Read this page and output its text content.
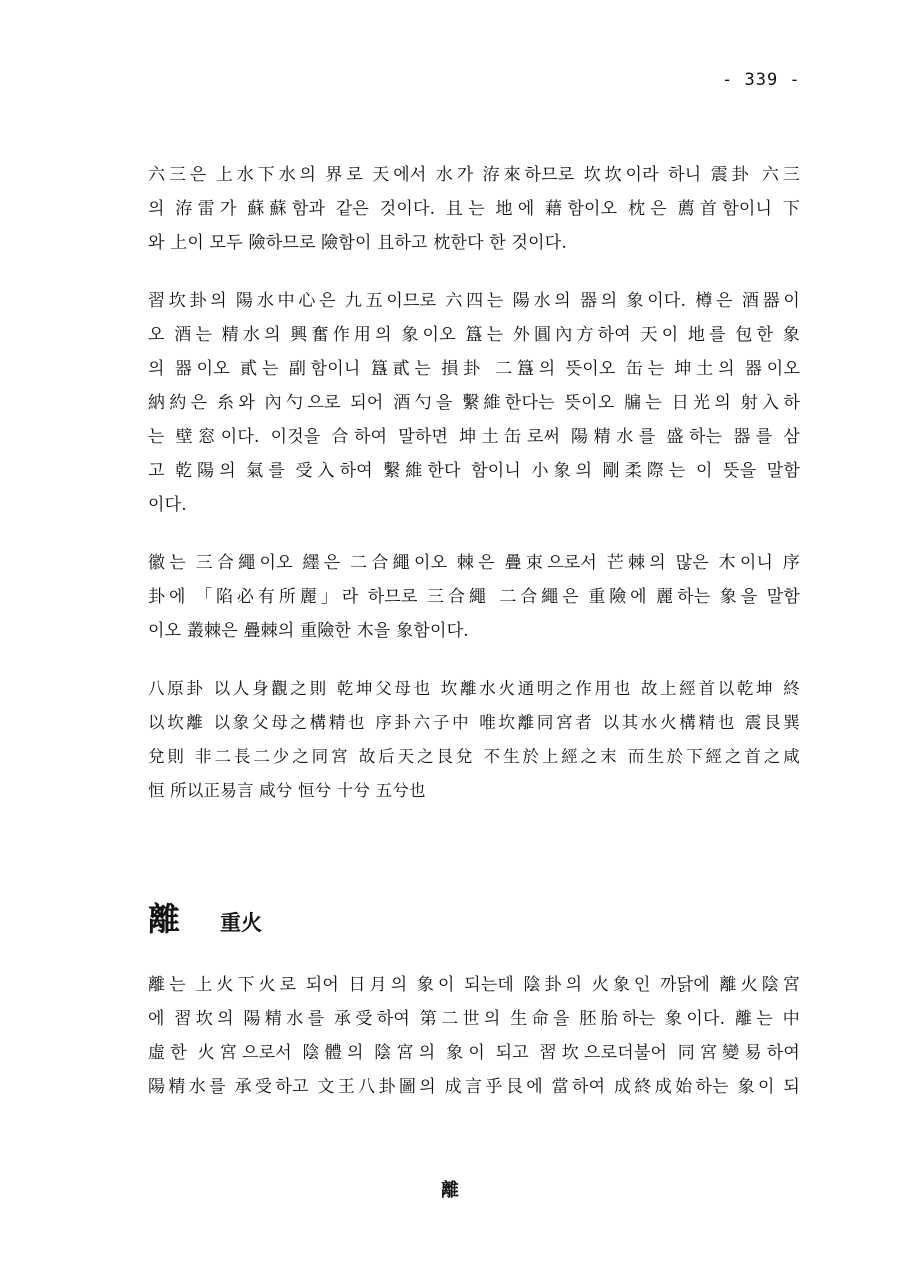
- 339 -

六三은 上水下水의 界로 天에서 水가 洊來하므로 坎坎이라 하니 震卦 六三
의 洊雷가 蘇蘇함과 같은 것이다. 且는 地에 藉함이오 枕은 薦首함이니 下
와 上이 모두 險하므로 險함이 且하고 枕한다 한 것이다.

習坎卦의 陽水中心은 九五이므로 六四는 陽水의 器의 象이다. 樽은 酒器이
오 酒는 精水의 興奮作用의 象이오 簋는 外圓內方하여 天이 地를 包한 象
의 器이오 貳는 副함이니 簋貳는 損卦 二簋의 뜻이오 缶는 坤土의 器이오
納約은 糸와 內勺으로 되어 酒勺을 繫維한다는 뜻이오 牖는 日光의 射入하
는 壁窓이다. 이것을 合하여 말하면 坤土缶로써 陽精水를 盛하는 器를 삼
고 乾陽의 氣를 受入하여 繫維한다 함이니 小象의 剛柔際는 이 뜻을 말함
이다.

徽는 三合繩이오 纆은 二合繩이오 棘은 疊束으로서 芒棘의 많은 木이니 序
卦에 「陷必有所麗」라 하므로 三合繩 二合繩은 重險에 麗하는 象을 말함
이오 叢棘은 疊棘의 重險한 木을 象함이다.

八原卦 以人身觀之則 乾坤父母也 坎離水火通明之作用也 故上經首以乾坤 終
以坎離 以象父母之構精也 序卦六子中 唯坎離同宮者 以其水火構精也 震艮巽
兌則 非二長二少之同宮 故后天之艮兌 不生於上經之末 而生於下經之首之咸
恒 所以正易言 咸兮 恒兮 十兮 五兮也

離 重火

離는 上火下火로 되어 日月의 象이 되는데 陰卦의 火象인 까닭에 離火陰宮
에 習坎의 陽精水를 承受하여 第二世의 生命을 胚胎하는 象이다. 離는 中
虛한 火宮으로서 陰體의 陰宮의 象이 되고 習坎으로더불어 同宮變易하여
陽精水를 承受하고 文王八卦圖의 成言乎艮에 當하여 成終成始하는 象이 되

離
